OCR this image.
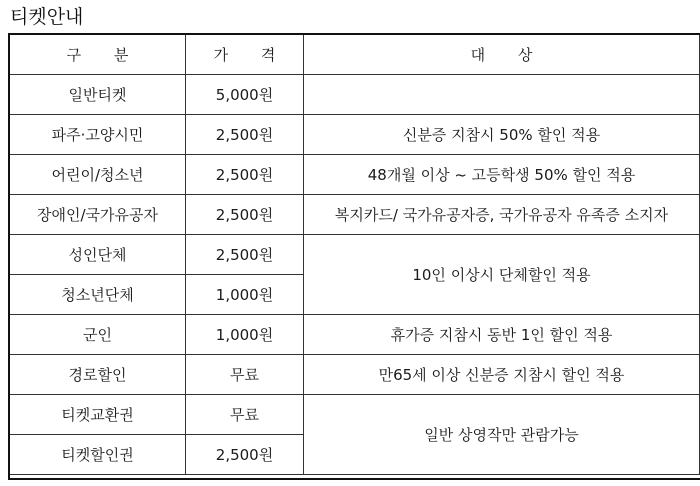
티켓안내
구 분	가 격	대 상
일반티켓	5,000원	
파주·고양시민	2,500원	신분증 지참시 50% 할인 적용
어린이/청소년	2,500원	48개월 이상 ~ 고등학생 50% 할인 적용
장애인/국가유공자	2,500원	복지카드/ 국가유공자증, 국가유공자 유족증 소지자
성인단체	2,500원	10인 이상시 단체할인 적용
청소년단체	1,000원	
군인	1,000원	휴가증 지참시 동반 1인 할인 적용
경로할인	무료	만65세 이상 신분증 지참시 할인 적용
티켓교환권	무료	일반 상영작만 관람가능
티켓할인권	2,500원	
